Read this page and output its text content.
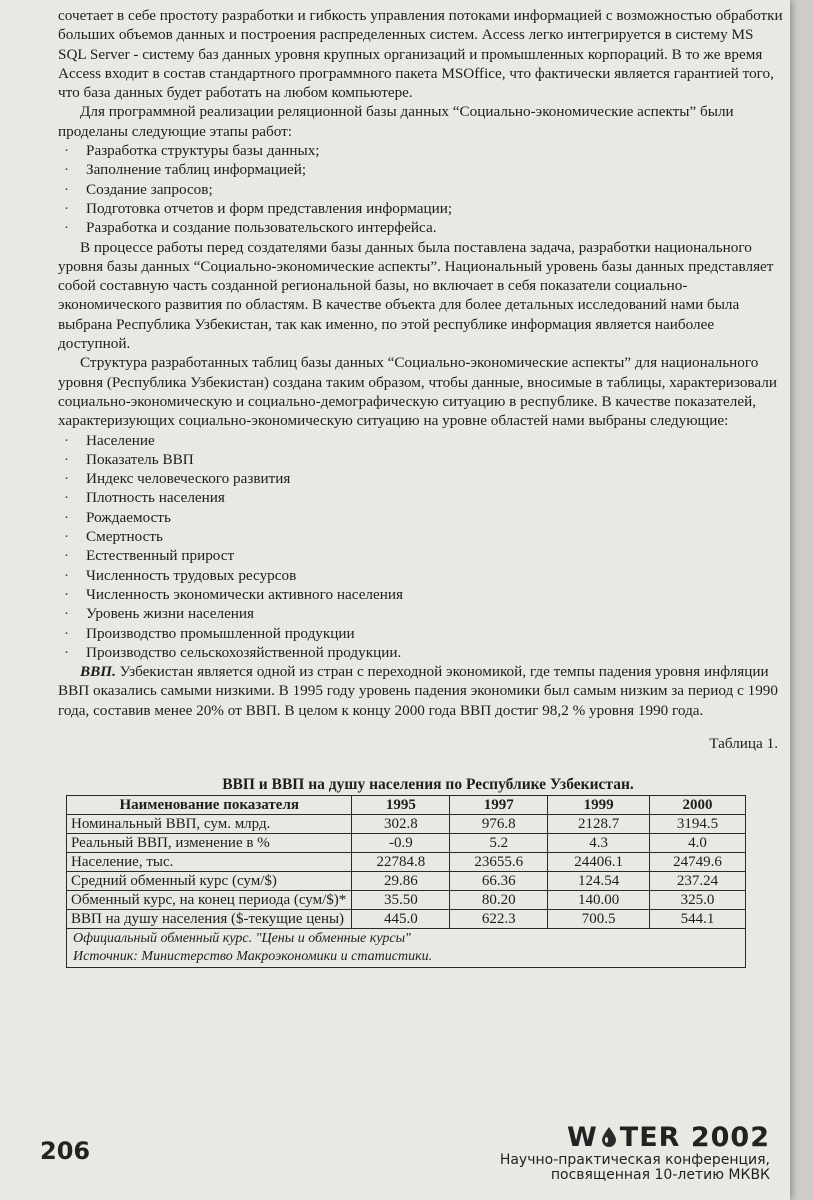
сочетает в себе простоту разработки и гибкость управления потоками информацией с возможностью обработки больших объемов данных и построения распределенных систем. Access легко интегрируется в систему MS SQL Server - систему баз данных уровня крупных организаций и промышленных корпораций. В то же время Access входит в состав стандартного программного пакета MSOffice, что фактически является гарантией того, что база данных будет работать на любом компьютере.

Для программной реализации реляционной базы данных “Социально-экономические аспекты” были проделаны следующие этапы работ:

· Разработка структуры базы данных;
· Заполнение таблиц информацией;
· Создание запросов;
· Подготовка отчетов и форм представления информации;
· Разработка и создание пользовательского интерфейса.

В процессе работы перед создателями базы данных была поставлена задача, разработки национального уровня базы данных “Социально-экономические аспекты”. Национальный уровень базы данных представляет собой составную часть созданной региональной базы, но включает в себя показатели социально-экономического развития по областям. В качестве объекта для более детальных исследований нами была выбрана Республика Узбекистан, так как именно, по этой республике информация является наиболее доступной.

Структура разработанных таблиц базы данных “Социально-экономические аспекты” для национального уровня (Республика Узбекистан) создана таким образом, чтобы данные, вносимые в таблицы, характеризовали социально-экономическую и социально-демографическую ситуацию в республике. В качестве показателей, характеризующих социально-экономическую ситуацию на уровне областей нами выбраны следующие:

· Население
· Показатель ВВП
· Индекс человеческого развития
· Плотность населения
· Рождаемость
· Смертность
· Естественный прирост
· Численность трудовых ресурсов
· Численность экономически активного населения
· Уровень жизни населения
· Производство промышленной продукции
· Производство сельскохозяйственной продукции.

ВВП. Узбекистан является одной из стран с переходной экономикой, где темпы падения уровня инфляции ВВП оказались самыми низкими. В 1995 году уровень падения экономики был самым низким за период с 1990 года, составив менее 20% от ВВП. В целом к концу 2000 года ВВП достиг 98,2 % уровня 1990 года.

Таблица 1.
ВВП и ВВП на душу населения по Республике Узбекистан.
Наименование показателя	1995	1997	1999	2000
Номинальный ВВП, сум. млрд.	302.8	976.8	2128.7	3194.5
Реальный ВВП, изменение в %	-0.9	5.2	4.3	4.0
Население, тыс.	22784.8	23655.6	24406.1	24749.6
Средний обменный курс (сум/$)	29.86	66.36	124.54	237.24
Обменный курс, на конец периода (сум/$)*	35.50	80.20	140.00	325.0
ВВП на душу населения ($-текущие цены)	445.0	622.3	700.5	544.1

Официальный обменный курс. "Цены и обменные курсы"
Источник: Министерство Макроэкономики и статистики.				
206	W TER 2002
Научно-практическая конференция,
посвященная 10-летию МКВК
